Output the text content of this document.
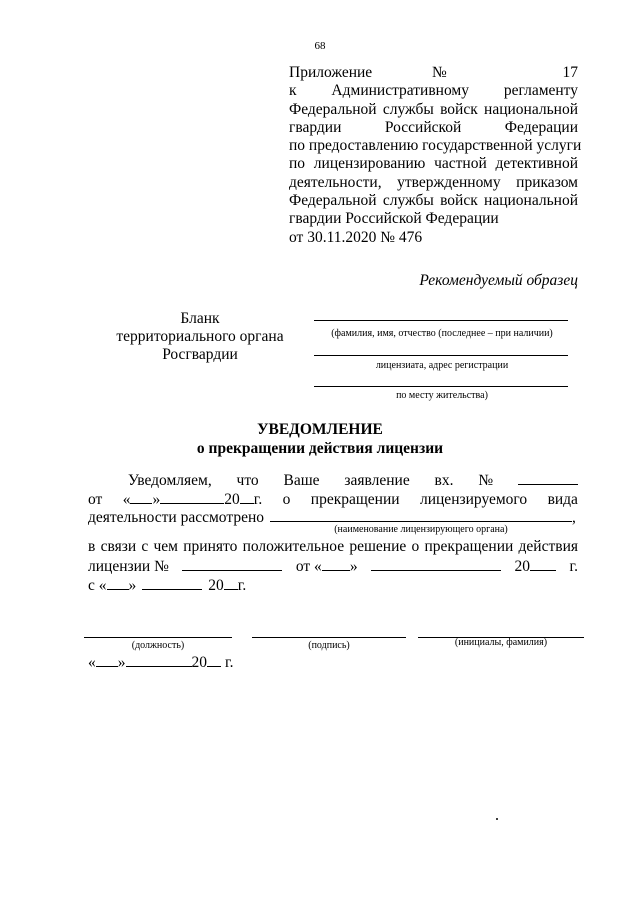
68
Приложение № 17
к Административному регламенту
Федеральной службы войск национальной
гвардии Российской Федерации
по предоставлению государственной услуги
по лицензированию частной детективной
деятельности, утвержденному приказом
Федеральной службы войск национальной
гвардии Российской Федерации
от 30.11.2020 № 476
Рекомендуемый образец
Бланк
территориального органа
Росгвардии
(фамилия, имя, отчество (последнее – при наличии)
лицензиата, адрес регистрации
по месту жительства)
УВЕДОМЛЕНИЕ
о прекращении действия лицензии
Уведомляем, что Ваше заявление вх. №
от « »	20 г. о прекращении лицензируемого вида
деятельности рассмотрено	,
(наименование лицензирующего органа)
в связи с чем принято положительное решение о прекращении действия
лицензии №	от « »	20	г.
с « »	20 г.
(должность)	(подпись)	(инициалы, фамилия)
« »	20 г.
